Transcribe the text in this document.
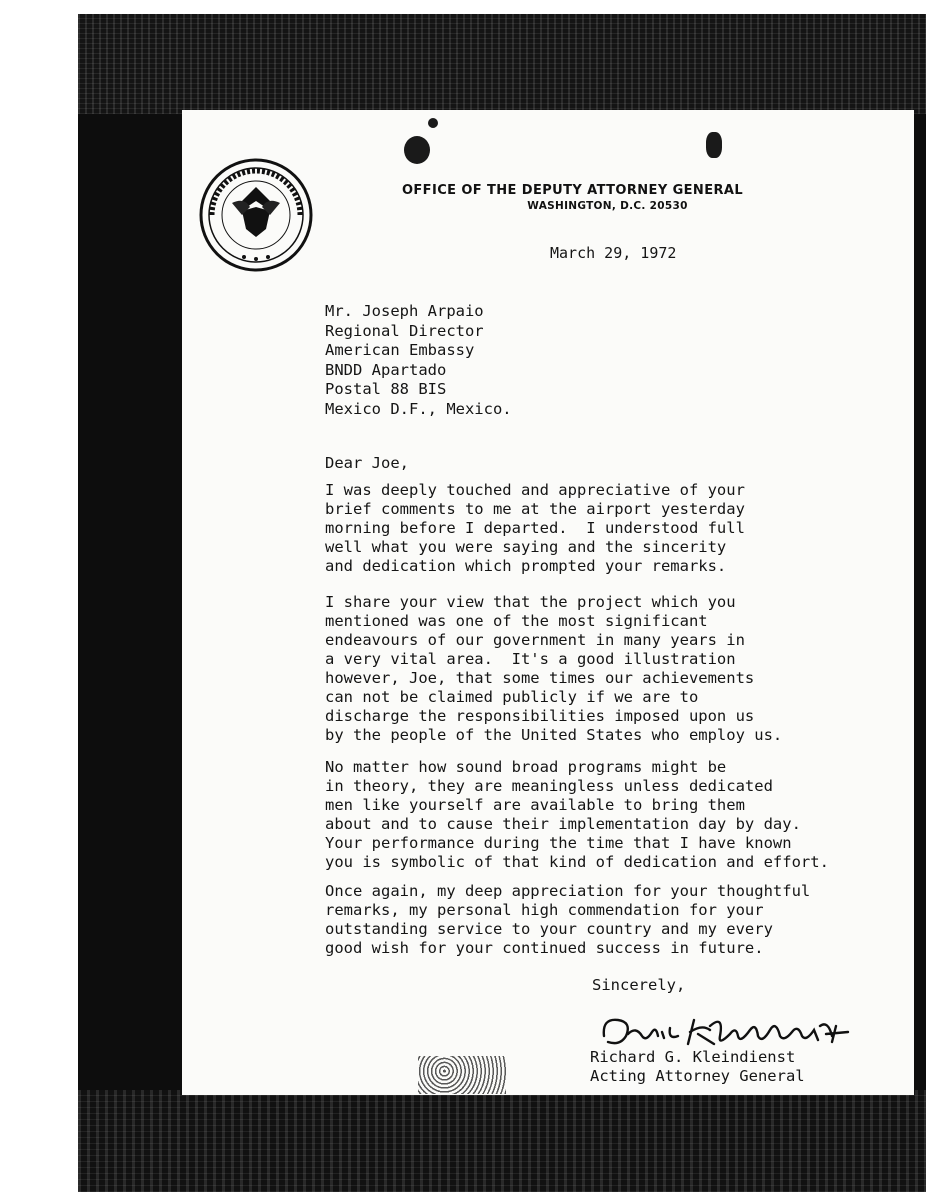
OFFICE OF THE DEPUTY ATTORNEY GENERAL
WASHINGTON, D.C. 20530
March 29, 1972
Mr. Joseph Arpaio
Regional Director
American Embassy
BNDD Apartado
Postal 88 BIS
Mexico D.F., Mexico.
Dear Joe,
I was deeply touched and appreciative of your
brief comments to me at the airport yesterday
morning before I departed.  I understood full
well what you were saying and the sincerity
and dedication which prompted your remarks.
I share your view that the project which you
mentioned was one of the most significant
endeavours of our government in many years in
a very vital area.  It's a good illustration
however, Joe, that some times our achievements
can not be claimed publicly if we are to
discharge the responsibilities imposed upon us
by the people of the United States who employ us.
No matter how sound broad programs might be
in theory, they are meaningless unless dedicated
men like yourself are available to bring them
about and to cause their implementation day by day.
Your performance during the time that I have known
you is symbolic of that kind of dedication and effort.
Once again, my deep appreciation for your thoughtful
remarks, my personal high commendation for your
outstanding service to your country and my every
good wish for your continued success in future.
Sincerely,
Richard G. Kleindienst
Acting Attorney General
